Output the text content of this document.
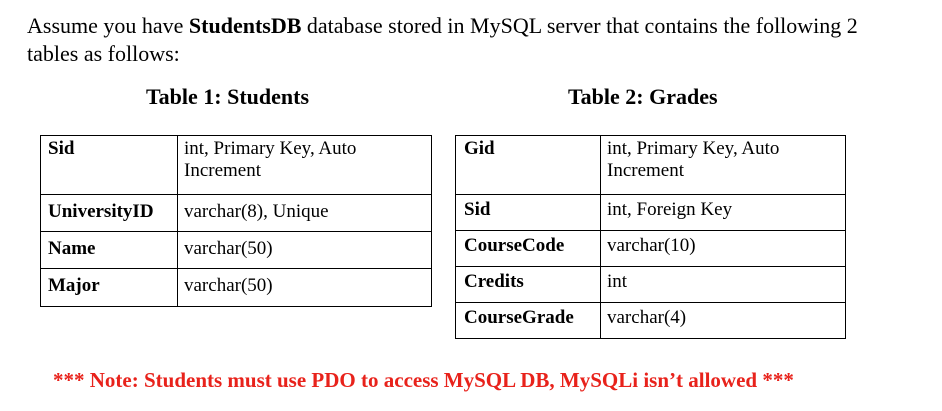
Assume you have StudentsDB database stored in MySQL server that contains the following 2 tables as follows:
Table 1: Students	Table 2: Grades
Sid	int, Primary Key, Auto Increment
UniversityID	varchar(8), Unique
Name	varchar(50)
Major	varchar(50)
Gid	int, Primary Key, Auto Increment
Sid	int, Foreign Key
CourseCode	varchar(10)
Credits	int
CourseGrade	varchar(4)
*** Note: Students must use PDO to access MySQL DB, MySQLi isn’t allowed ***
